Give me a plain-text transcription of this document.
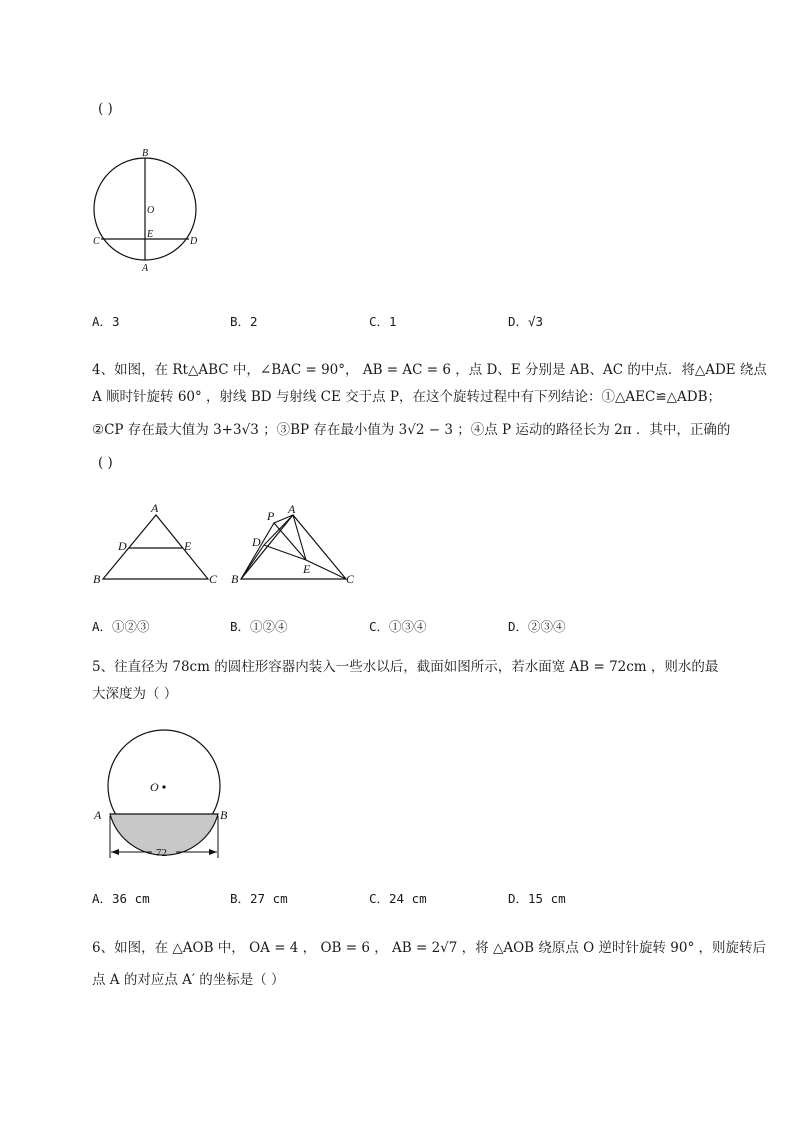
( )
B
O
C
E
D
A
A．3	B．2	C．1	D．√3
4、如图，在 Rt△ABC 中，∠BAC = 90°， AB = AC = 6 ，点 D、E 分别是 AB、AC 的中点．将△ADE 绕点
A 顺时针旋转 60° ，射线 BD 与射线 CE 交于点 P，在这个旋转过程中有下列结论：①△AEC≌△ADB；
②CP 存在最大值为 3+3√3 ；③BP 存在最小值为 3√2 − 3 ；④点 P 运动的路径长为 2π ．其中，正确的
( )
A
D	E
B	C
P A
D
E
B	C
A．①②③	B．①②④	C．①③④	D．②③④
5、往直径为 78cm 的圆柱形容器内装入一些水以后，截面如图所示，若水面宽 AB = 72cm ，则水的最
大深度为（ ）
O
A	B
72
A．36 cm	B．27 cm	C．24 cm	D．15 cm
6、如图，在 △AOB 中， OA = 4 ， OB = 6 ， AB = 2√7 ，将 △AOB 绕原点 O 逆时针旋转 90° ，则旋转后
点 A 的对应点 A′ 的坐标是（ ）
